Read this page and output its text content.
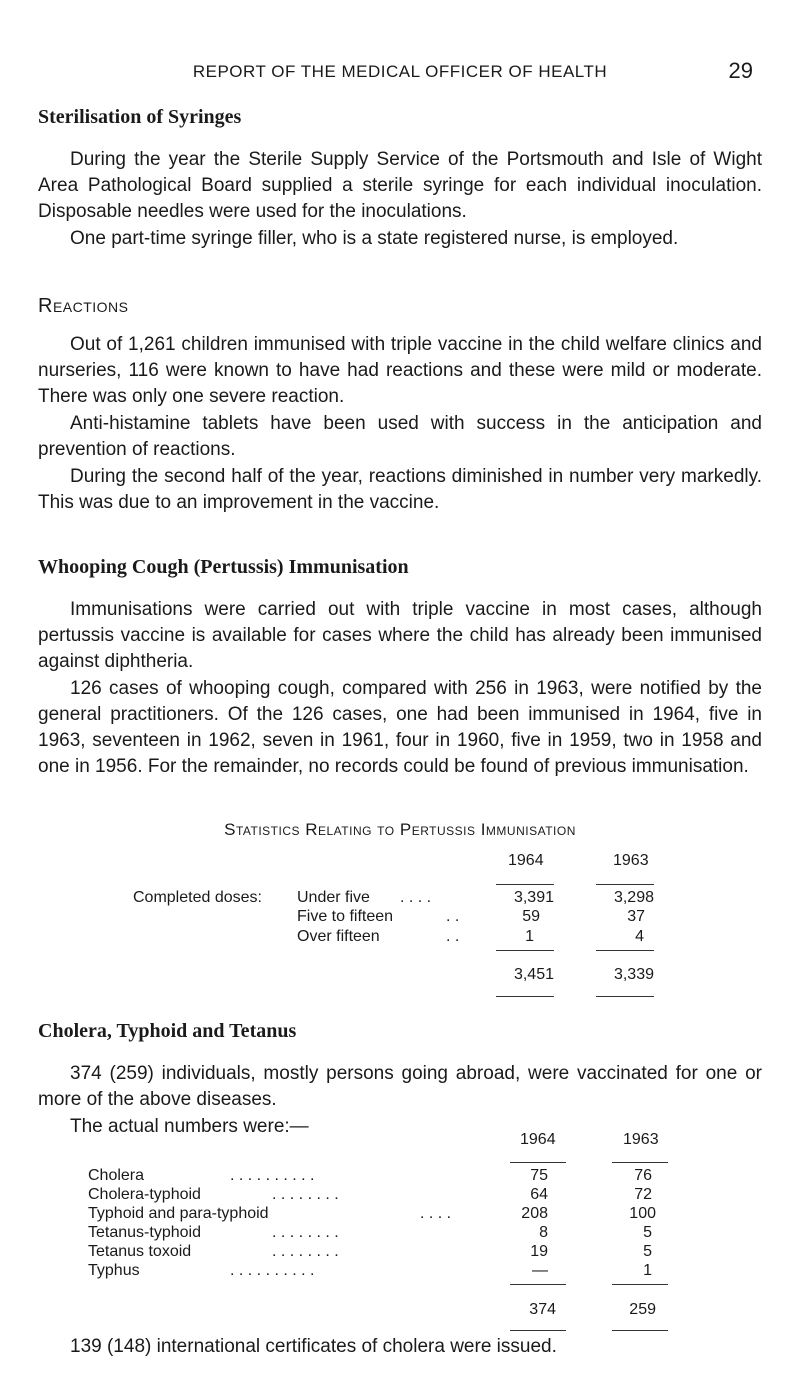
REPORT OF THE MEDICAL OFFICER OF HEALTH	29
Sterilisation of Syringes
During the year the Sterile Supply Service of the Portsmouth and Isle of Wight Area Pathological Board supplied a sterile syringe for each individual inoculation. Disposable needles were used for the inoculations.
One part-time syringe filler, who is a state registered nurse, is employed.
Reactions
Out of 1,261 children immunised with triple vaccine in the child welfare clinics and nurseries, 116 were known to have had reactions and these were mild or moderate. There was only one severe reaction.
Anti-histamine tablets have been used with success in the anticipation and prevention of reactions.
During the second half of the year, reactions diminished in number very markedly. This was due to an improvement in the vaccine.
Whooping Cough (Pertussis) Immunisation
Immunisations were carried out with triple vaccine in most cases, although pertussis vaccine is available for cases where the child has already been immunised against diphtheria.
126 cases of whooping cough, compared with 256 in 1963, were notified by the general practitioners. Of the 126 cases, one had been immunised in 1964, five in 1963, seventeen in 1962, seven in 1961, four in 1960, five in 1959, two in 1958 and one in 1956. For the remainder, no records could be found of previous immunisation.
Statistics Relating to Pertussis Immunisation
1964	1963
Completed doses: Under five	. . . .	3,391	3,298
Five to fifteen	. .	59	37
Over fifteen	. .	1	4
3,451	3,339
Cholera, Typhoid and Tetanus
374 (259) individuals, mostly persons going abroad, were vaccinated for one or more of the above diseases.
The actual numbers were:—
1964	1963
Cholera	. . . . . . . . . .	75	76
Cholera-typhoid	. . . . . . . .	64	72
Typhoid and para-typhoid	. . . .	208	100
Tetanus-typhoid	. . . . . . . .	8	5
Tetanus toxoid	. . . . . . . .	19	5
Typhus	. . . . . . . . . .	—	1
374	259
139 (148) international certificates of cholera were issued.
